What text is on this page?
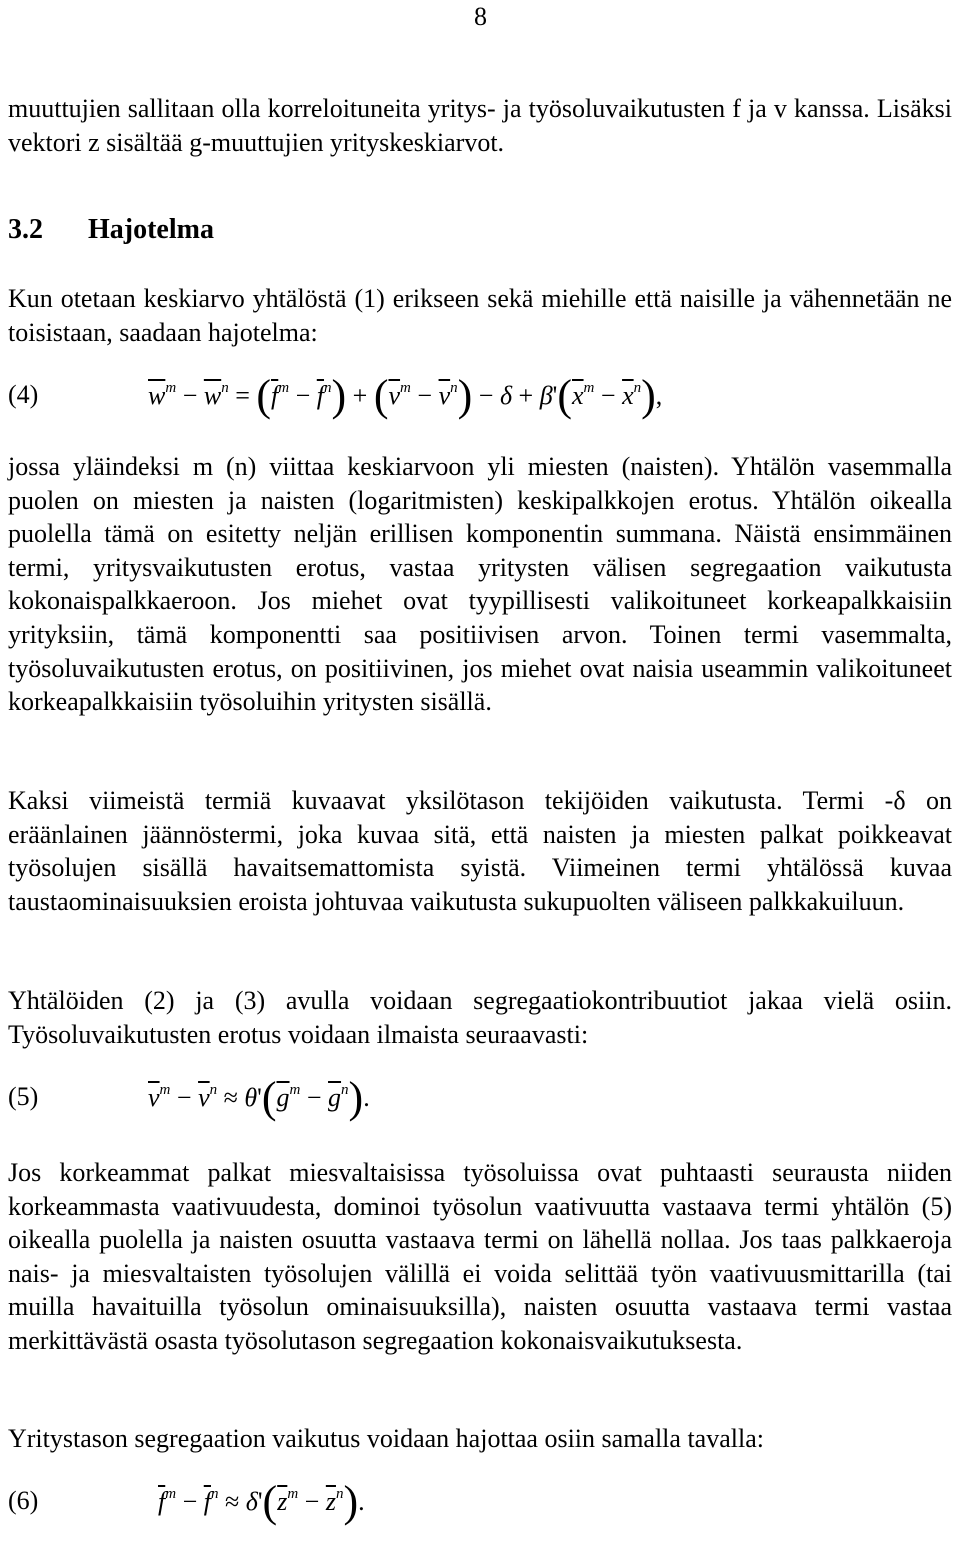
8

muuttujien sallitaan olla korreloituneita yritys- ja työsoluvaikutusten f ja v kanssa. Lisäksi vektori z sisältää g-muuttujien yrityskeskiarvot.

3.2 Hajotelma

Kun otetaan keskiarvo yhtälöstä (1) erikseen sekä miehille että naisille ja vähennetään ne toisistaan, saadaan hajotelma:

(4)	$\overline{w}^m - \overline{w}^n = (\overline{f}^m - \overline{f}^n) + (\overline{v}^m - \overline{v}^n) - \delta + \beta'(\overline{x}^m - \overline{x}^n)$,

jossa yläindeksi m (n) viittaa keskiarvoon yli miesten (naisten). Yhtälön vasemmalla puolen on miesten ja naisten (logaritmisten) keskipalkkojen erotus. Yhtälön oikealla puolella tämä on esitetty neljän erillisen komponentin summana. Näistä ensimmäinen termi, yritysvaikutusten erotus, vastaa yritysten välisen segregaation vaikutusta kokonaispalkkaeroon. Jos miehet ovat tyypillisesti valikoituneet korkeapalkkaisiin yrityksiin, tämä komponentti saa positiivisen arvon. Toinen termi vasemmalta, työsoluvaikutusten erotus, on positiivinen, jos miehet ovat naisia useammin valikoituneet korkeapalkkaisiin työsoluihin yritysten sisällä.

Kaksi viimeistä termiä kuvaavat yksilötason tekijöiden vaikutusta. Termi -δ on eräänlainen jäännöstermi, joka kuvaa sitä, että naisten ja miesten palkat poikkeavat työsolujen sisällä havaitsemattomista syistä. Viimeinen termi yhtälössä kuvaa taustaominaisuuksien eroista johtuvaa vaikutusta sukupuolten väliseen palkkakuiluun.

Yhtälöiden (2) ja (3) avulla voidaan segregaatiokontribuutiot jakaa vielä osiin. Työsoluvaikutusten erotus voidaan ilmaista seuraavasti:

(5)	$\overline{v}^m - \overline{v}^n \approx \theta'(\overline{g}^m - \overline{g}^n)$.

Jos korkeammat palkat miesvaltaisissa työsoluissa ovat puhtaasti seurausta niiden korkeammasta vaativuudesta, dominoi työsolun vaativuutta vastaava termi yhtälön (5) oikealla puolella ja naisten osuutta vastaava termi on lähellä nollaa. Jos taas palkkaeroja nais- ja miesvaltaisten työsolujen välillä ei voida selittää työn vaativuusmittarilla (tai muilla havaituilla työsolun ominaisuuksilla), naisten osuutta vastaava termi vastaa merkittävästä osasta työsolutason segregaation kokonaisvaikutuksesta.

Yritystason segregaation vaikutus voidaan hajottaa osiin samalla tavalla:

(6)	$\overline{f}^m - \overline{f}^n \approx \delta'(\overline{z}^m - \overline{z}^n)$.
